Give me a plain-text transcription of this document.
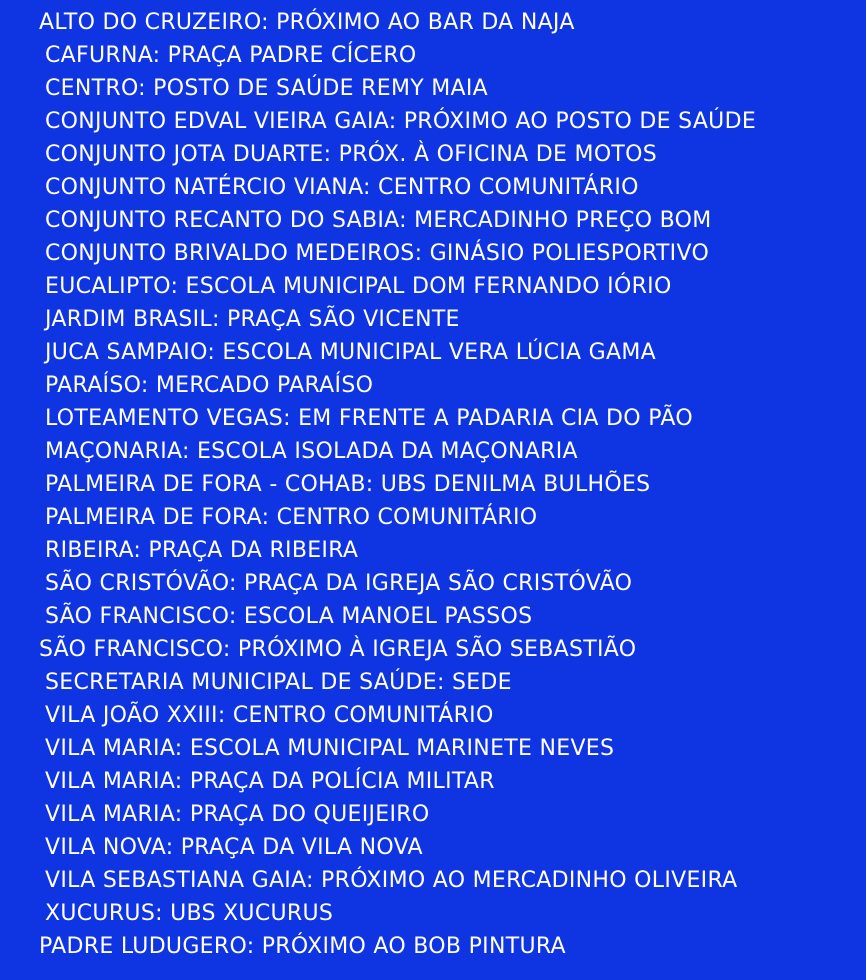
ALTO DO CRUZEIRO: PRÓXIMO AO BAR DA NAJA
CAFURNA: PRAÇA PADRE CÍCERO
CENTRO: POSTO DE SAÚDE REMY MAIA
CONJUNTO EDVAL VIEIRA GAIA: PRÓXIMO AO POSTO DE SAÚDE
CONJUNTO JOTA DUARTE: PRÓX. À OFICINA DE MOTOS
CONJUNTO NATÉRCIO VIANA: CENTRO COMUNITÁRIO
CONJUNTO RECANTO DO SABIA: MERCADINHO PREÇO BOM
CONJUNTO BRIVALDO MEDEIROS: GINÁSIO POLIESPORTIVO
EUCALIPTO: ESCOLA MUNICIPAL DOM FERNANDO IÓRIO
JARDIM BRASIL: PRAÇA SÃO VICENTE
JUCA SAMPAIO: ESCOLA MUNICIPAL VERA LÚCIA GAMA
PARAÍSO: MERCADO PARAÍSO
LOTEAMENTO VEGAS: EM FRENTE A PADARIA CIA DO PÃO
MAÇONARIA: ESCOLA ISOLADA DA MAÇONARIA
PALMEIRA DE FORA - COHAB: UBS DENILMA BULHÕES
PALMEIRA DE FORA: CENTRO COMUNITÁRIO
RIBEIRA: PRAÇA DA RIBEIRA
SÃO CRISTÓVÃO: PRAÇA DA IGREJA SÃO CRISTÓVÃO
SÃO FRANCISCO: ESCOLA MANOEL PASSOS
SÃO FRANCISCO: PRÓXIMO À IGREJA SÃO SEBASTIÃO
SECRETARIA MUNICIPAL DE SAÚDE: SEDE
VILA JOÃO XXIII: CENTRO COMUNITÁRIO
VILA MARIA: ESCOLA MUNICIPAL MARINETE NEVES
VILA MARIA: PRAÇA DA POLÍCIA MILITAR
VILA MARIA: PRAÇA DO QUEIJEIRO
VILA NOVA: PRAÇA DA VILA NOVA
VILA SEBASTIANA GAIA: PRÓXIMO AO MERCADINHO OLIVEIRA
XUCURUS: UBS XUCURUS
PADRE LUDUGERO: PRÓXIMO AO BOB PINTURA
